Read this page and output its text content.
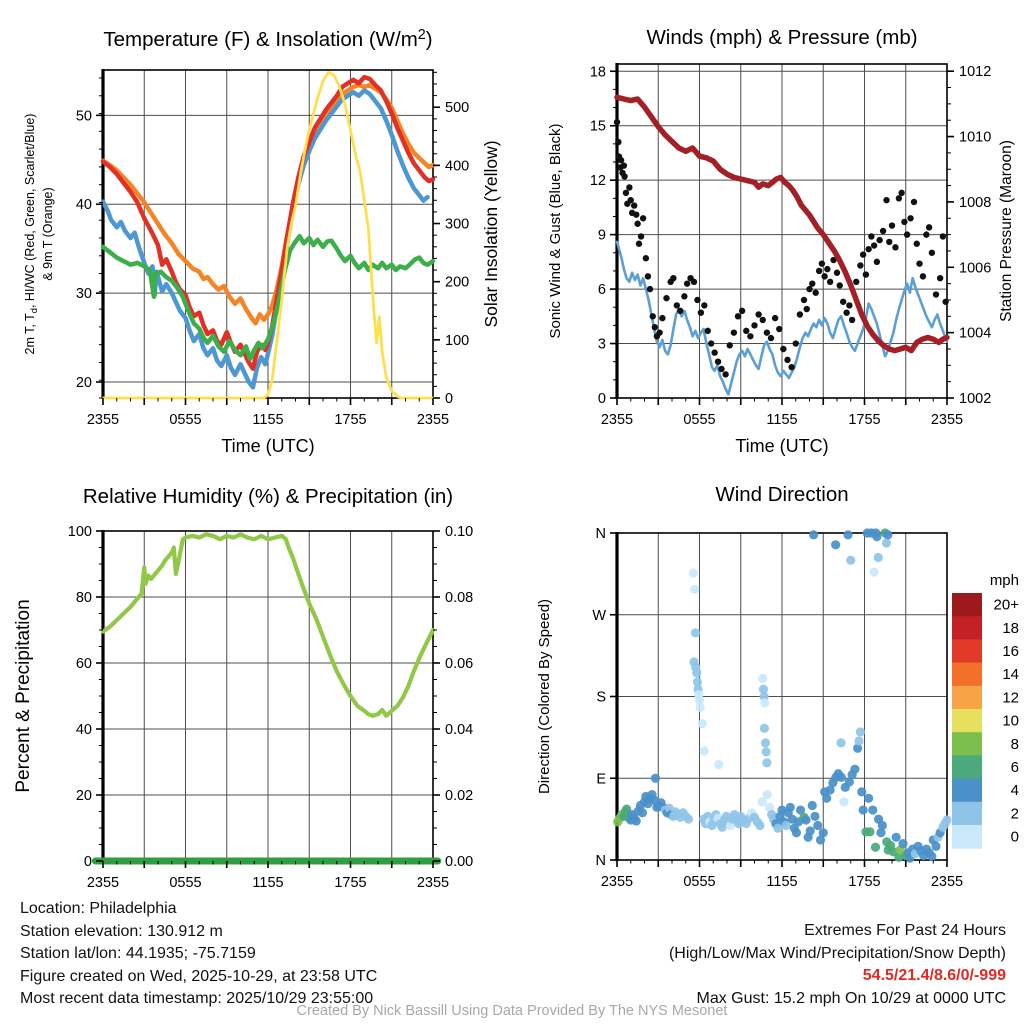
2355	0555	1155	1755	2355
Time (UTC)
20
30
40
50
0
100
200
300
400
500
Solar Insolation (Yellow)
2m T, $T_d$, HI/WC (Red, Green, Scarlet/Blue) & 9m T (Orange)
Temperature (F) & Insolation $(W/m^2)$
2355	0555	1155	1755	2355
Time (UTC)
0
3
6
9
12
15
18
1002
1004
1006
1008
1010
1012
Station Pressure (Maroon)
Sonic Wind & Gust (Blue, Black)
Winds (mph) & Pressure (mb)
2355	0555	1155	1755	2355
0
20
40
60
80
100
0.00
0.02
0.04
0.06
0.08
0.10
Percent & Precipitation
Relative Humidity (%) & Precipitation (in)
2355	0555	1155	1755	2355
N
E
S
W
N
Direction (Colored By Speed)
Wind Direction
mph
20+
18
16
14
12
10
8
6
4
2
0
Location: Philadelphia
Station elevation: 130.912 m
Station lat/lon: 44.1935; -75.7159
Figure created on Wed, 2025-10-29, at 23:58 UTC
Most recent data timestamp: 2025/10/29 23:55:00
Extremes For Past 24 Hours
(High/Low/Max Wind/Precipitation/Snow Depth)
54.5/21.4/8.6/0/-999
Max Gust: 15.2 mph On 10/29 at 0000 UTC
Created By Nick Bassill Using Data Provided By The NYS Mesonet
